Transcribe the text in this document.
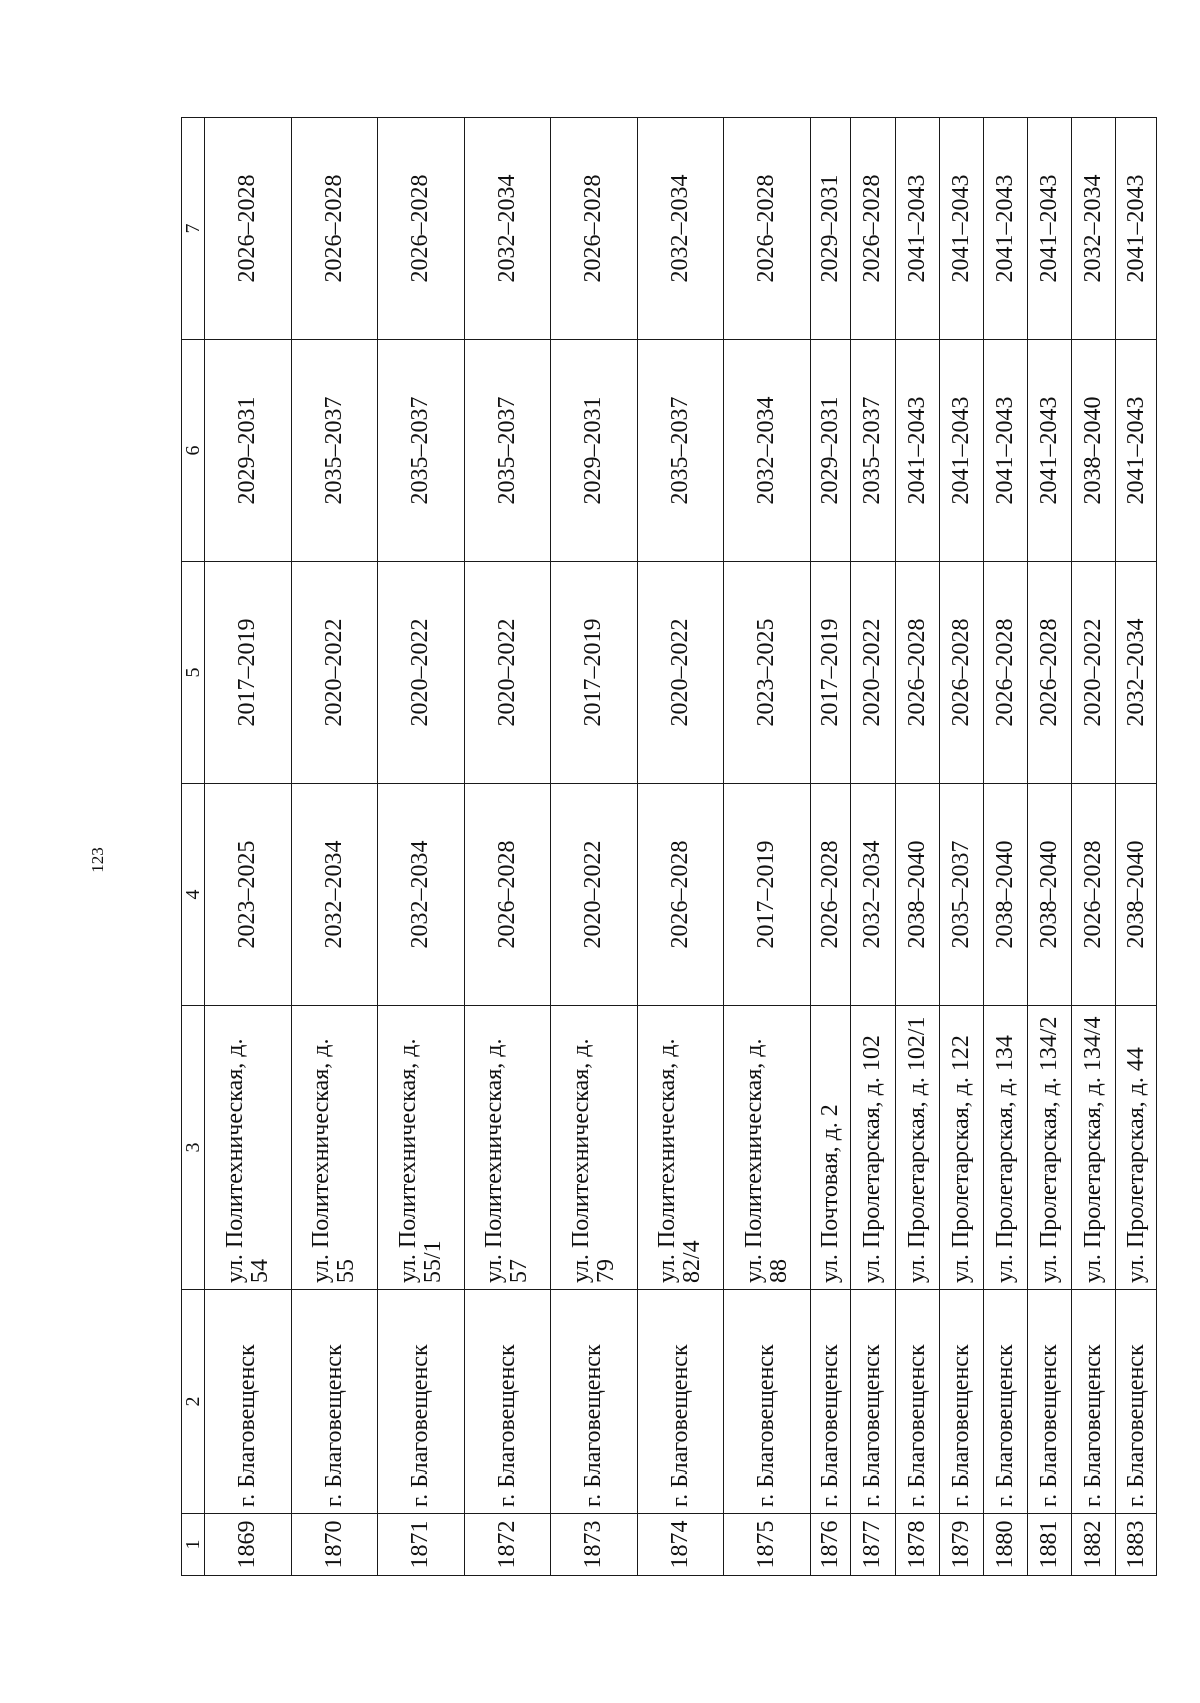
123
1	2	3	4	5	6	7
1869	г. Благовещенск	ул. Политехническая, д. 54	2023–2025	2017–2019	2029–2031	2026–2028
1870	г. Благовещенск	ул. Политехническая, д. 55	2032–2034	2020–2022	2035–2037	2026–2028
1871	г. Благовещенск	ул. Политехническая, д. 55/1	2032–2034	2020–2022	2035–2037	2026–2028
1872	г. Благовещенск	ул. Политехническая, д. 57	2026–2028	2020–2022	2035–2037	2032–2034
1873	г. Благовещенск	ул. Политехническая, д. 79	2020–2022	2017–2019	2029–2031	2026–2028
1874	г. Благовещенск	ул. Политехническая, д. 82/4	2026–2028	2020–2022	2035–2037	2032–2034
1875	г. Благовещенск	ул. Политехническая, д. 88	2017–2019	2023–2025	2032–2034	2026–2028
1876	г. Благовещенск	ул. Почтовая, д. 2	2026–2028	2017–2019	2029–2031	2029–2031
1877	г. Благовещенск	ул. Пролетарская, д. 102	2032–2034	2020–2022	2035–2037	2026–2028
1878	г. Благовещенск	ул. Пролетарская, д. 102/1	2038–2040	2026–2028	2041–2043	2041–2043
1879	г. Благовещенск	ул. Пролетарская, д. 122	2035–2037	2026–2028	2041–2043	2041–2043
1880	г. Благовещенск	ул. Пролетарская, д. 134	2038–2040	2026–2028	2041–2043	2041–2043
1881	г. Благовещенск	ул. Пролетарская, д. 134/2	2038–2040	2026–2028	2041–2043	2041–2043
1882	г. Благовещенск	ул. Пролетарская, д. 134/4	2026–2028	2020–2022	2038–2040	2032–2034
1883	г. Благовещенск	ул. Пролетарская, д. 44	2038–2040	2032–2034	2041–2043	2041–2043
